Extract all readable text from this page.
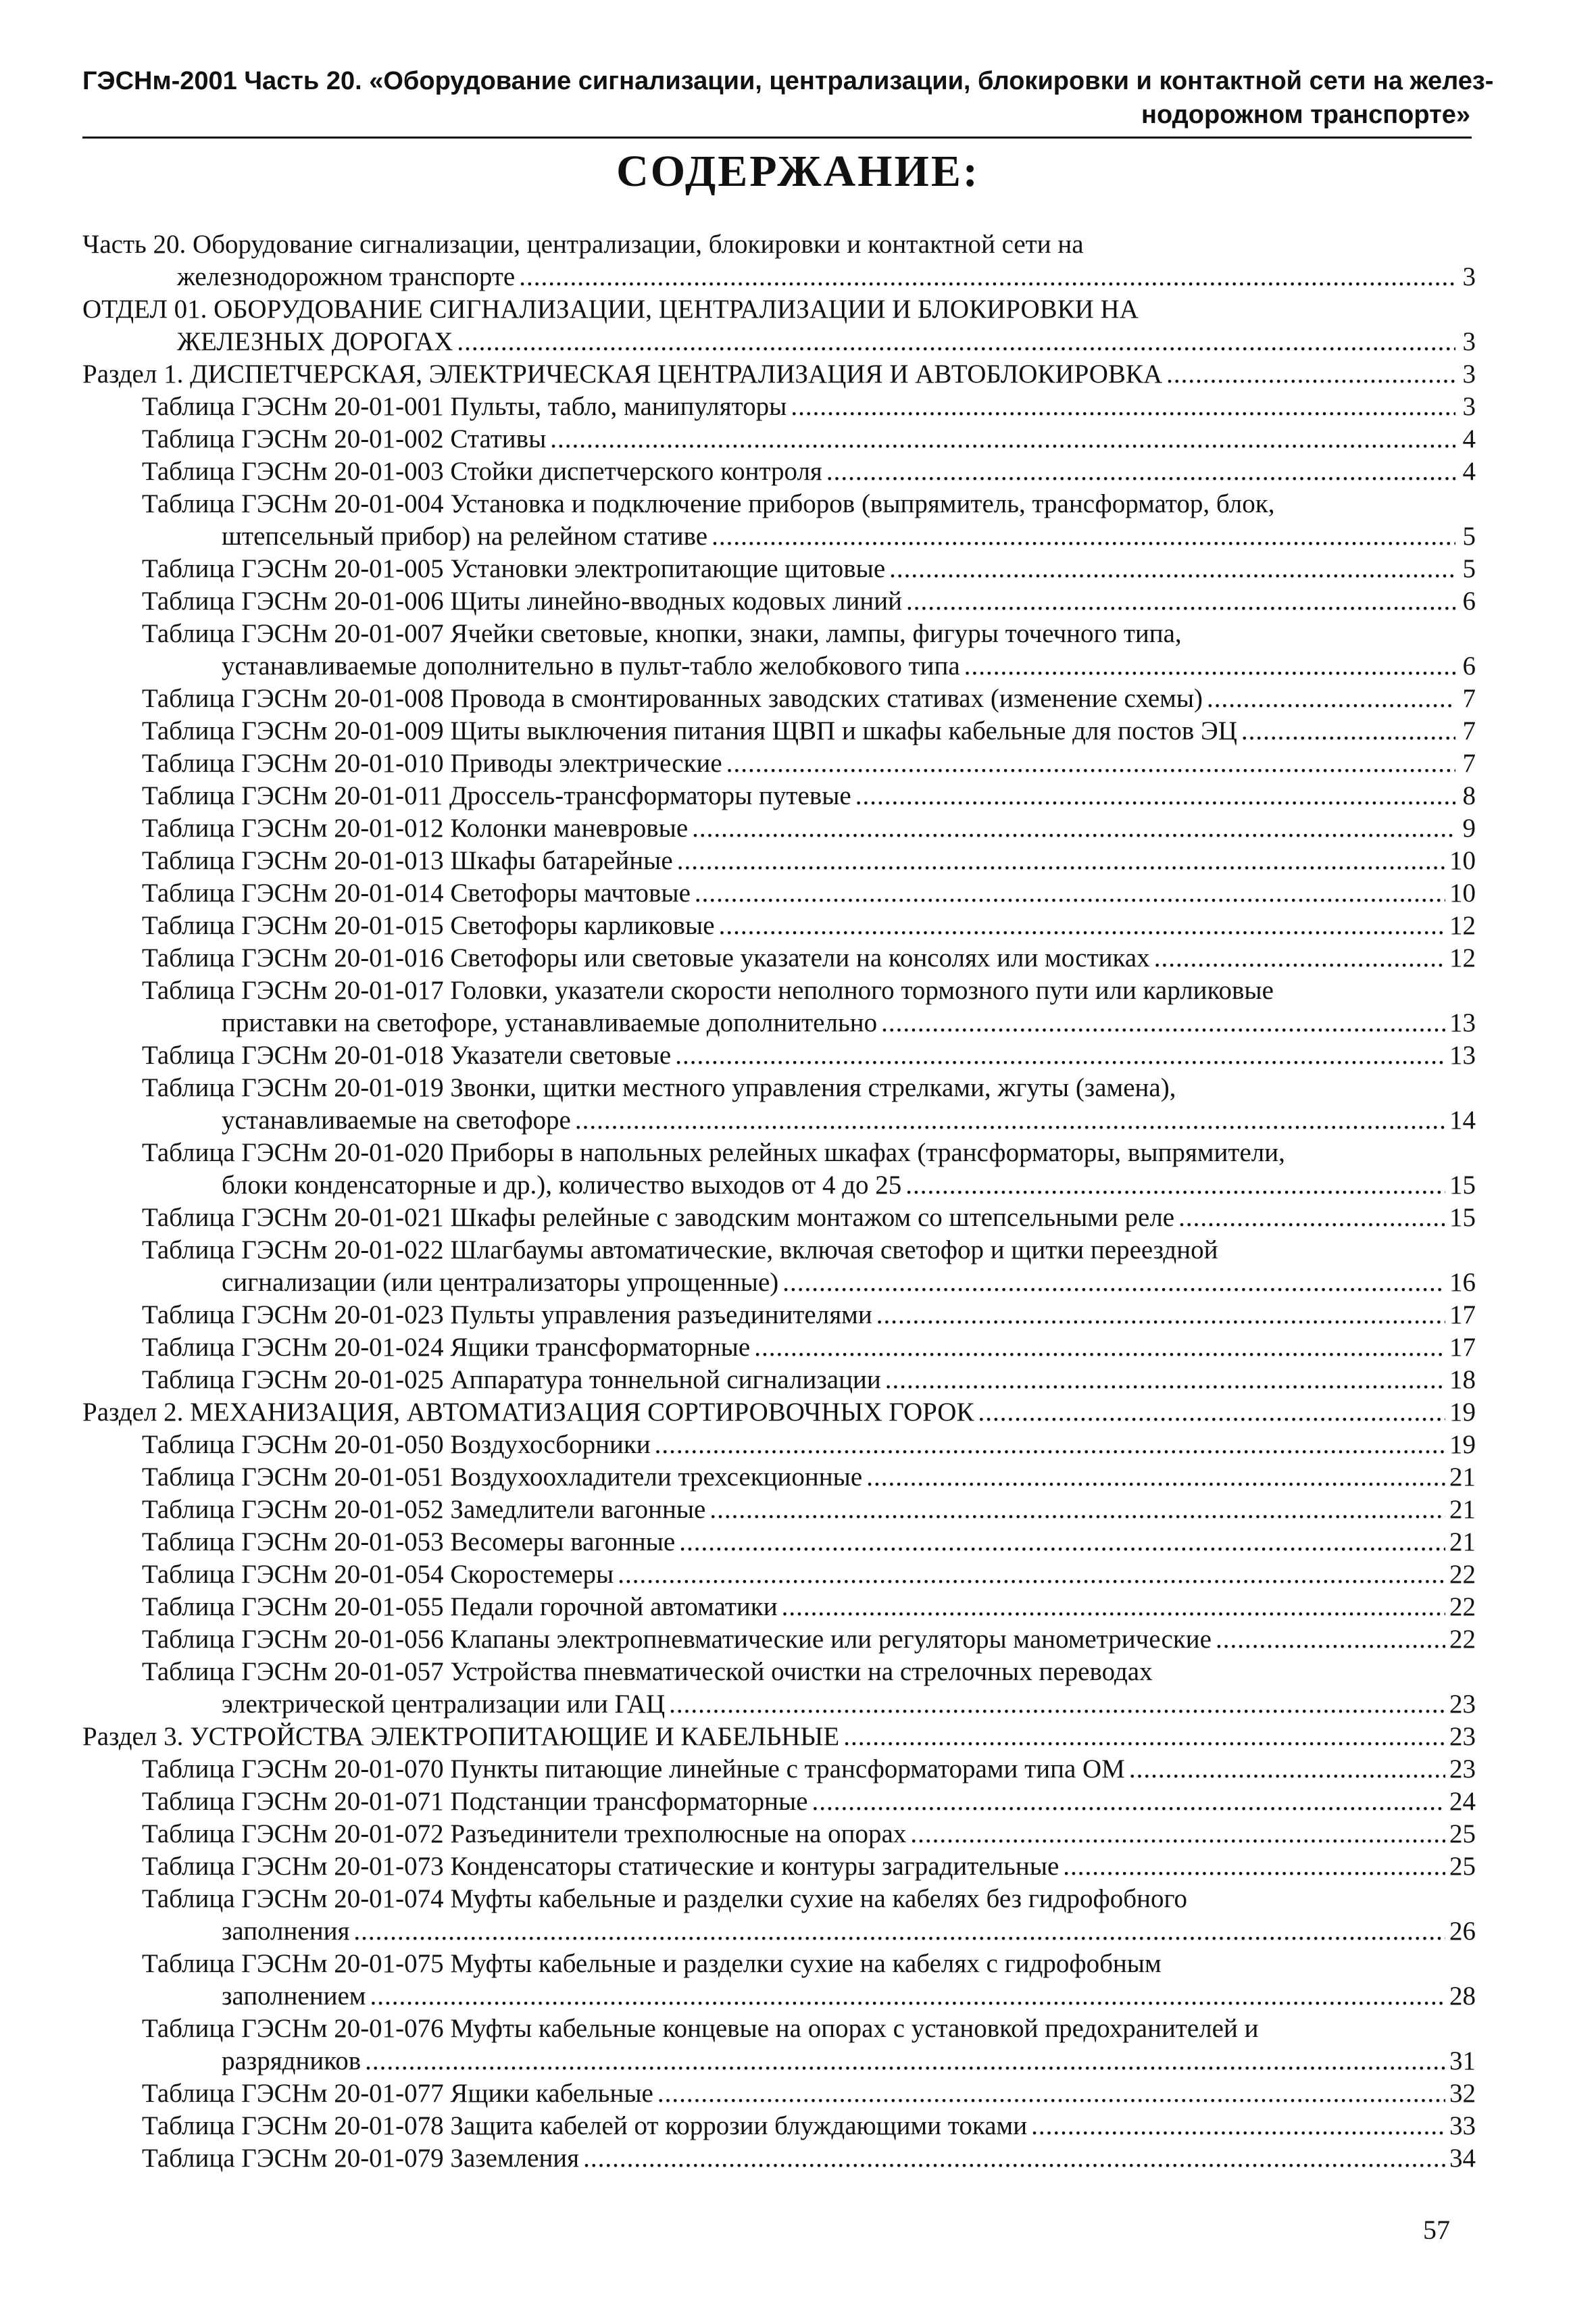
ГЭСНм-2001 Часть 20. «Оборудование сигнализации, централизации, блокировки и контактной сети на желез-
нодорожном транспорте»
СОДЕРЖАНИЕ:
Часть 20. Оборудование сигнализации, централизации, блокировки и контактной сети на
железнодорожном транспорте .....	3
ОТДЕЛ 01. ОБОРУДОВАНИЕ СИГНАЛИЗАЦИИ, ЦЕНТРАЛИЗАЦИИ И БЛОКИРОВКИ НА
ЖЕЛЕЗНЫХ ДОРОГАХ .....	3
Раздел 1. ДИСПЕТЧЕРСКАЯ, ЭЛЕКТРИЧЕСКАЯ ЦЕНТРАЛИЗАЦИЯ И АВТОБЛОКИРОВКА .....	3
Таблица ГЭСНм 20-01-001 Пульты, табло, манипуляторы .....	3
Таблица ГЭСНм 20-01-002 Стативы .....	4
Таблица ГЭСНм 20-01-003 Стойки диспетчерского контроля .....	4
Таблица ГЭСНм 20-01-004 Установка и подключение приборов (выпрямитель, трансформатор, блок,
штепсельный прибор) на релейном стативе .....	5
Таблица ГЭСНм 20-01-005 Установки электропитающие щитовые .....	5
Таблица ГЭСНм 20-01-006 Щиты линейно-вводных кодовых линий .....	6
Таблица ГЭСНм 20-01-007 Ячейки световые, кнопки, знаки, лампы, фигуры точечного типа,
устанавливаемые дополнительно в пульт-табло желобкового типа .....	6
Таблица ГЭСНм 20-01-008 Провода в смонтированных заводских стативах (изменение схемы) .....	7
Таблица ГЭСНм 20-01-009 Щиты выключения питания ЩВП и шкафы кабельные для постов ЭЦ .....	7
Таблица ГЭСНм 20-01-010 Приводы электрические .....	7
Таблица ГЭСНм 20-01-011 Дроссель-трансформаторы путевые .....	8
Таблица ГЭСНм 20-01-012 Колонки маневровые .....	9
Таблица ГЭСНм 20-01-013 Шкафы батарейные .....	10
Таблица ГЭСНм 20-01-014 Светофоры мачтовые .....	10
Таблица ГЭСНм 20-01-015 Светофоры карликовые .....	12
Таблица ГЭСНм 20-01-016 Светофоры или световые указатели на консолях или мостиках .....	12
Таблица ГЭСНм 20-01-017 Головки, указатели скорости неполного тормозного пути или карликовые
приставки на светофоре, устанавливаемые дополнительно .....	13
Таблица ГЭСНм 20-01-018 Указатели световые .....	13
Таблица ГЭСНм 20-01-019 Звонки, щитки местного управления стрелками, жгуты (замена),
устанавливаемые на светофоре .....	14
Таблица ГЭСНм 20-01-020 Приборы в напольных релейных шкафах (трансформаторы, выпрямители,
блоки конденсаторные и др.), количество выходов от 4 до 25 .....	15
Таблица ГЭСНм 20-01-021 Шкафы релейные с заводским монтажом со штепсельными реле .....	15
Таблица ГЭСНм 20-01-022 Шлагбаумы автоматические, включая светофор и щитки переездной
сигнализации (или централизаторы упрощенные) .....	16
Таблица ГЭСНм 20-01-023 Пульты управления разъединителями .....	17
Таблица ГЭСНм 20-01-024 Ящики трансформаторные .....	17
Таблица ГЭСНм 20-01-025 Аппаратура тоннельной сигнализации .....	18
Раздел 2. МЕХАНИЗАЦИЯ, АВТОМАТИЗАЦИЯ СОРТИРОВОЧНЫХ ГОРОК .....	19
Таблица ГЭСНм 20-01-050 Воздухосборники .....	19
Таблица ГЭСНм 20-01-051 Воздухоохладители трехсекционные .....	21
Таблица ГЭСНм 20-01-052 Замедлители вагонные .....	21
Таблица ГЭСНм 20-01-053 Весомеры вагонные .....	21
Таблица ГЭСНм 20-01-054 Скоростемеры .....	22
Таблица ГЭСНм 20-01-055 Педали горочной автоматики .....	22
Таблица ГЭСНм 20-01-056 Клапаны электропневматические или регуляторы манометрические .....	22
Таблица ГЭСНм 20-01-057 Устройства пневматической очистки на стрелочных переводах
электрической централизации или ГАЦ .....	23
Раздел 3. УСТРОЙСТВА ЭЛЕКТРОПИТАЮЩИЕ И КАБЕЛЬНЫЕ .....	23
Таблица ГЭСНм 20-01-070 Пункты питающие линейные с трансформаторами типа ОМ .....	23
Таблица ГЭСНм 20-01-071 Подстанции трансформаторные .....	24
Таблица ГЭСНм 20-01-072 Разъединители трехполюсные на опорах .....	25
Таблица ГЭСНм 20-01-073 Конденсаторы статические и контуры заградительные .....	25
Таблица ГЭСНм 20-01-074 Муфты кабельные и разделки сухие на кабелях без гидрофобного
заполнения .....	26
Таблица ГЭСНм 20-01-075 Муфты кабельные и разделки сухие на кабелях с гидрофобным
заполнением .....	28
Таблица ГЭСНм 20-01-076 Муфты кабельные концевые на опорах с установкой предохранителей и
разрядников .....	31
Таблица ГЭСНм 20-01-077 Ящики кабельные .....	32
Таблица ГЭСНм 20-01-078 Защита кабелей от коррозии блуждающими токами .....	33
Таблица ГЭСНм 20-01-079 Заземления .....	34
57
